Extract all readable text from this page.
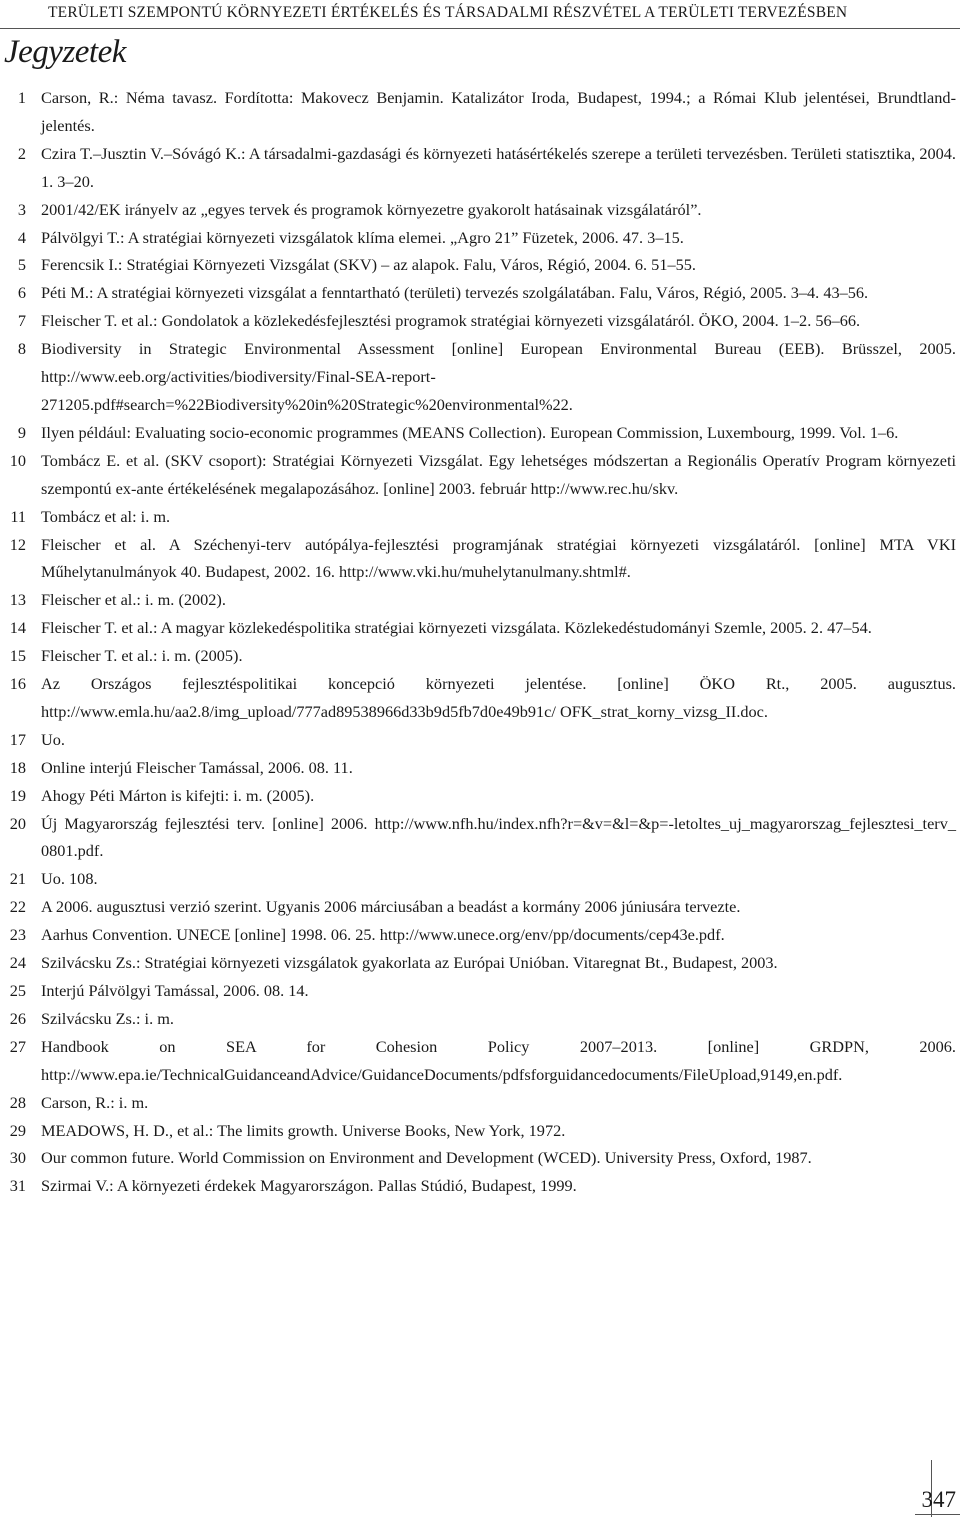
TERÜLETI SZEMPONTÚ KÖRNYEZETI ÉRTÉKELÉS ÉS TÁRSADALMI RÉSZVÉTEL A TERÜLETI TERVEZÉSBEN
Jegyzetek
1 Carson, R.: Néma tavasz. Fordította: Makovecz Benjamin. Katalizátor Iroda, Budapest, 1994.; a Római Klub jelentései, Brundtland-jelentés.
2 Czira T.–Jusztin V.–Sóvágó K.: A társadalmi-gazdasági és környezeti hatásértékelés szerepe a területi tervezésben. Területi statisztika, 2004. 1. 3–20.
3 2001/42/EK irányelv az „egyes tervek és programok környezetre gyakorolt hatásainak vizsgálatáról”.
4 Pálvölgyi T.: A stratégiai környezeti vizsgálatok klíma elemei. „Agro 21” Füzetek, 2006. 47. 3–15.
5 Ferencsik I.: Stratégiai Környezeti Vizsgálat (SKV) – az alapok. Falu, Város, Régió, 2004. 6. 51–55.
6 Péti M.: A stratégiai környezeti vizsgálat a fenntartható (területi) tervezés szolgálatában. Falu, Város, Régió, 2005. 3–4. 43–56.
7 Fleischer T. et al.: Gondolatok a közlekedésfejlesztési programok stratégiai környezeti vizsgálatáról. ÖKO, 2004. 1–2. 56–66.
8 Biodiversity in Strategic Environmental Assessment [online] European Environmental Bureau (EEB). Brüsszel, 2005. http://www.eeb.org/activities/biodiversity/Final-SEA-report-271205.pdf#search=%22Biodiversity%20in%20Strategic%20environmental%22.
9 Ilyen például: Evaluating socio-economic programmes (MEANS Collection). European Commission, Luxembourg, 1999. Vol. 1–6.
10 Tombácz E. et al. (SKV csoport): Stratégiai Környezeti Vizsgálat. Egy lehetséges módszertan a Regionális Operatív Program környezeti szempontú ex-ante értékelésének megalapozásához. [online] 2003. február http://www.rec.hu/skv.
11 Tombácz et al: i. m.
12 Fleischer et al. A Széchenyi-terv autópálya-fejlesztési programjának stratégiai környezeti vizsgálatáról. [online] MTA VKI Műhelytanulmányok 40. Budapest, 2002. 16. http://www.vki.hu/muhelytanulmany.shtml#.
13 Fleischer et al.: i. m. (2002).
14 Fleischer T. et al.: A magyar közlekedéspolitika stratégiai környezeti vizsgálata. Közlekedéstudományi Szemle, 2005. 2. 47–54.
15 Fleischer T. et al.: i. m. (2005).
16 Az Országos fejlesztéspolitikai koncepció környezeti jelentése. [online] ÖKO Rt., 2005. augusztus. http://www.emla.hu/aa2.8/img_upload/777ad89538966d33b9d5fb7d0e49b91c/ OFK_strat_korny_vizsg_II.doc.
17 Uo.
18 Online interjú Fleischer Tamással, 2006. 08. 11.
19 Ahogy Péti Márton is kifejti: i. m. (2005).
20 Új Magyarország fejlesztési terv. [online] 2006. http://www.nfh.hu/index.nfh?r=&v=&l=&p=-letoltes_uj_magyarorszag_fejlesztesi_terv_ 0801.pdf.
21 Uo. 108.
22 A 2006. augusztusi verzió szerint. Ugyanis 2006 márciusában a beadást a kormány 2006 júniusára tervezte.
23 Aarhus Convention. UNECE [online] 1998. 06. 25. http://www.unece.org/env/pp/documents/cep43e.pdf.
24 Szilvácsku Zs.: Stratégiai környezeti vizsgálatok gyakorlata az Európai Unióban. Vitaregnat Bt., Budapest, 2003.
25 Interjú Pálvölgyi Tamással, 2006. 08. 14.
26 Szilvácsku Zs.: i. m.
27 Handbook on SEA for Cohesion Policy 2007–2013. [online] GRDPN, 2006. http://www.epa.ie/TechnicalGuidanceandAdvice/GuidanceDocuments/pdfsforguidancedocuments/FileUpload,9149,en.pdf.
28 Carson, R.: i. m.
29 MEADOWS, H. D., et al.: The limits growth. Universe Books, New York, 1972.
30 Our common future. World Commission on Environment and Development (WCED). University Press, Oxford, 1987.
31 Szirmai V.: A környezeti érdekek Magyarországon. Pallas Stúdió, Budapest, 1999.
347
